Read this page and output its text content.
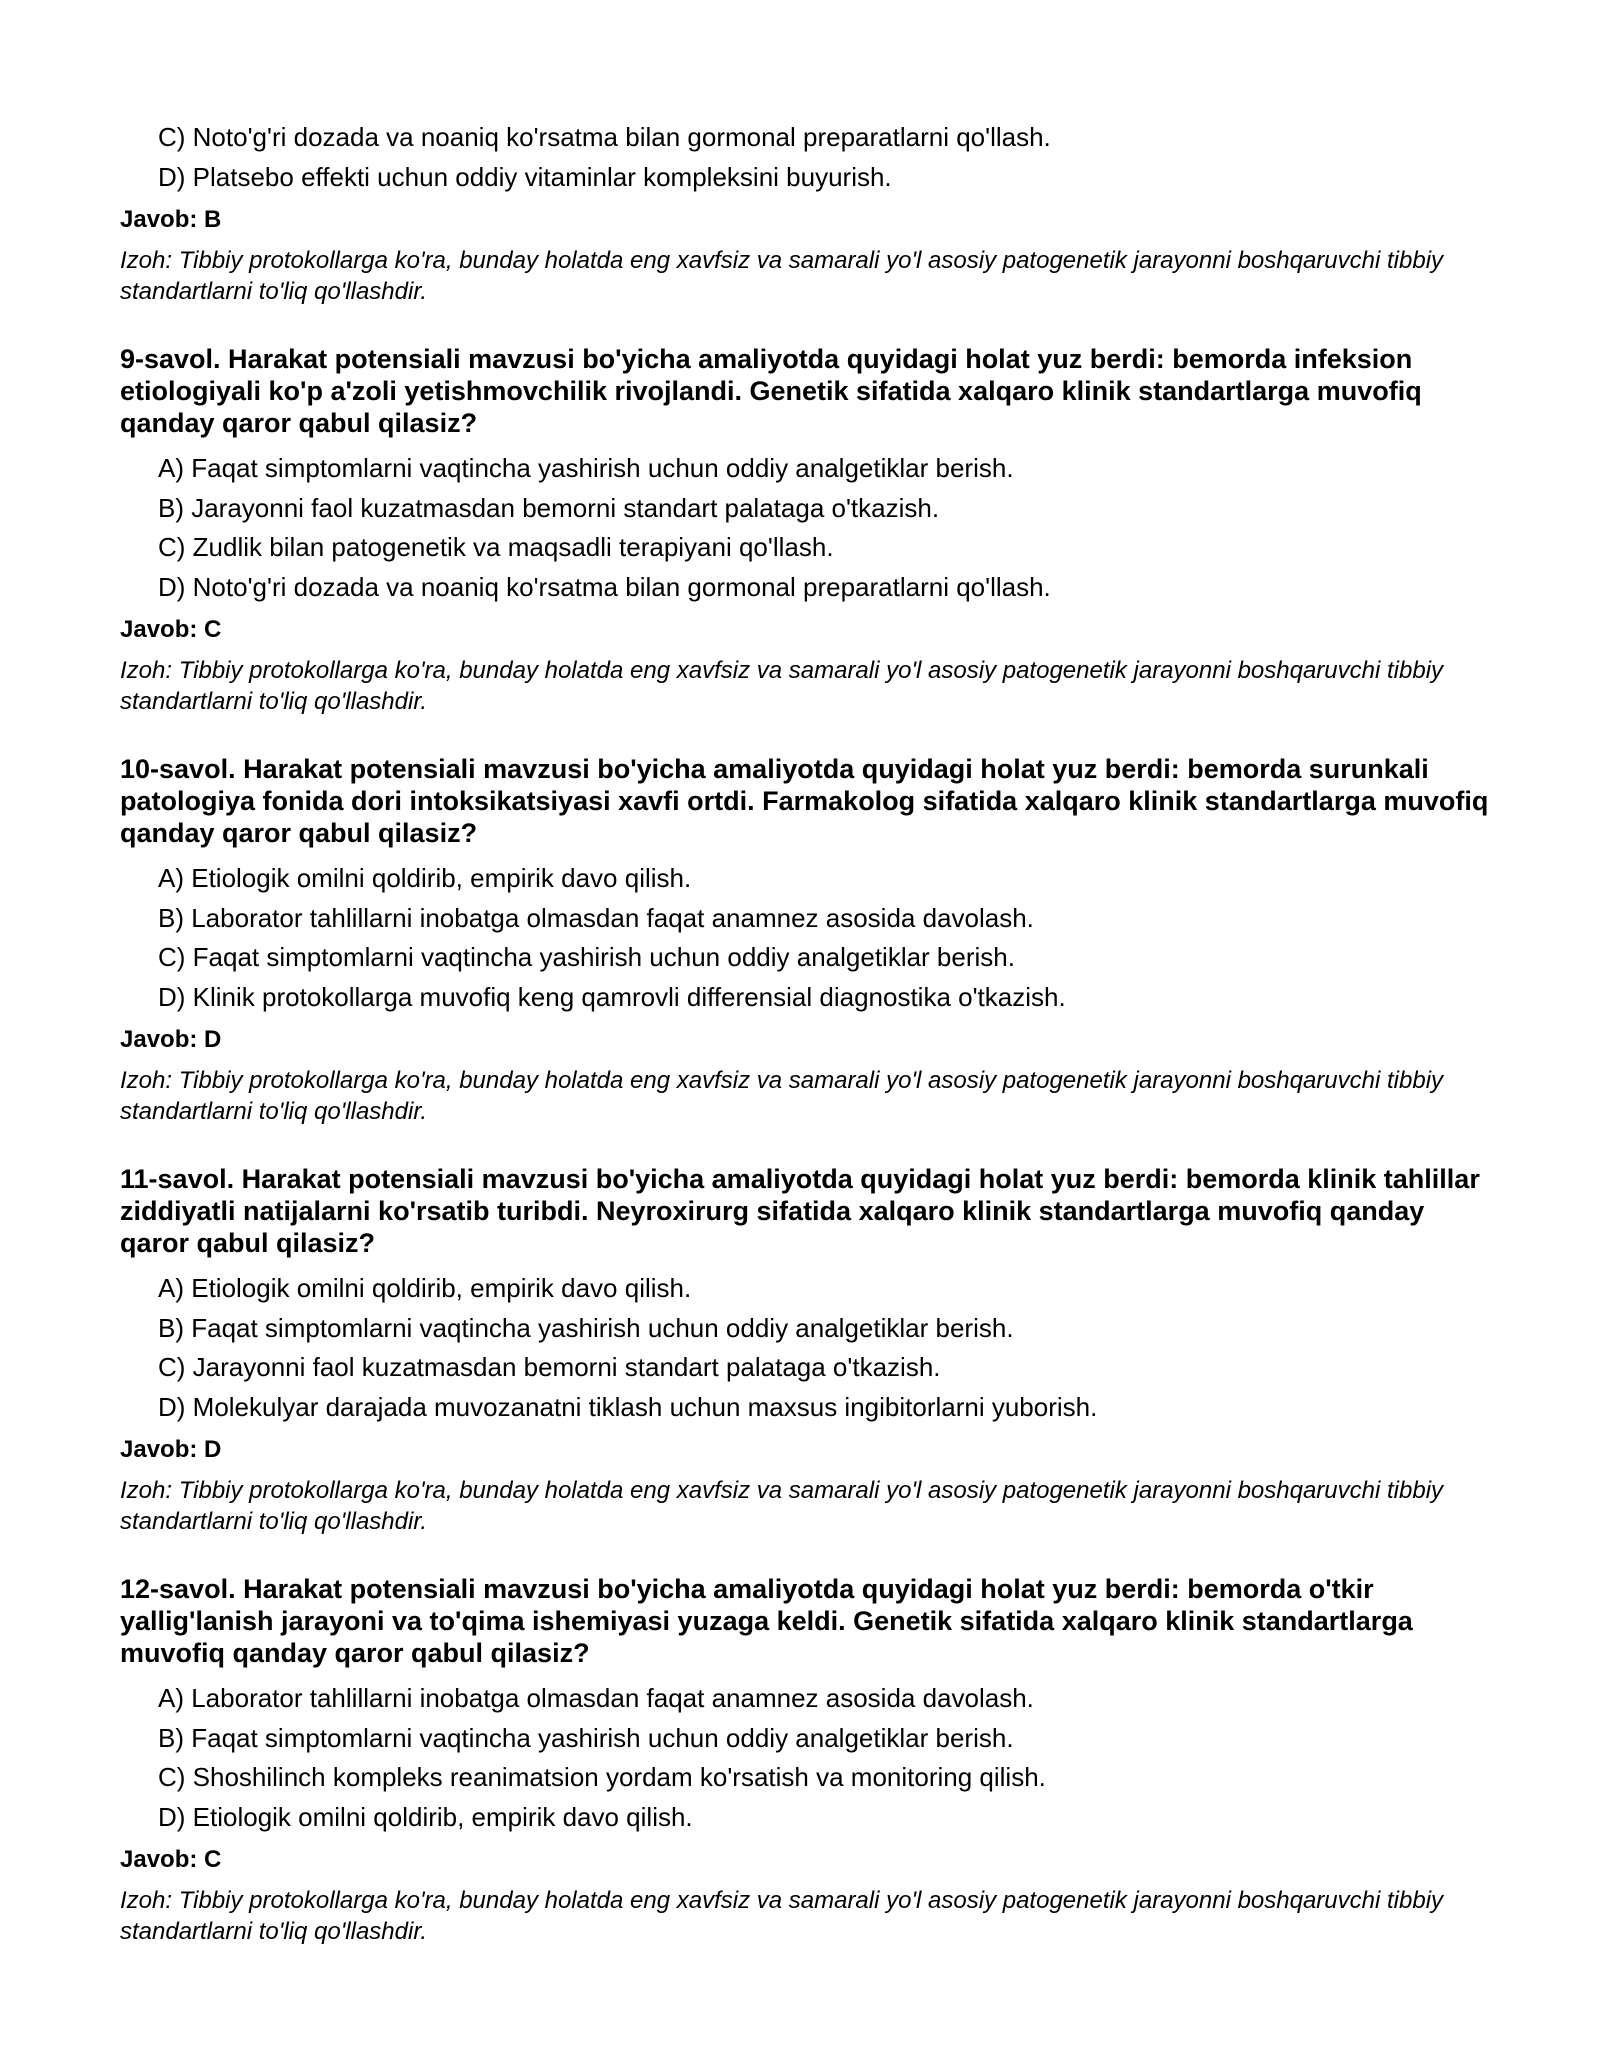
C) Noto'g'ri dozada va noaniq ko'rsatma bilan gormonal preparatlarni qo'llash.
D) Platsebo effekti uchun oddiy vitaminlar kompleksini buyurish.
Javob: B
Izoh: Tibbiy protokollarga ko'ra, bunday holatda eng xavfsiz va samarali yo'l asosiy patogenetik jarayonni boshqaruvchi tibbiy standartlarni to'liq qo'llashdir.
9-savol. Harakat potensiali mavzusi bo'yicha amaliyotda quyidagi holat yuz berdi: bemorda infeksion etiologiyali ko'p a'zoli yetishmovchilik rivojlandi. Genetik sifatida xalqaro klinik standartlarga muvofiq qanday qaror qabul qilasiz?
A) Faqat simptomlarni vaqtincha yashirish uchun oddiy analgetiklar berish.
B) Jarayonni faol kuzatmasdan bemorni standart palataga o'tkazish.
C) Zudlik bilan patogenetik va maqsadli terapiyani qo'llash.
D) Noto'g'ri dozada va noaniq ko'rsatma bilan gormonal preparatlarni qo'llash.
Javob: C
Izoh: Tibbiy protokollarga ko'ra, bunday holatda eng xavfsiz va samarali yo'l asosiy patogenetik jarayonni boshqaruvchi tibbiy standartlarni to'liq qo'llashdir.
10-savol. Harakat potensiali mavzusi bo'yicha amaliyotda quyidagi holat yuz berdi: bemorda surunkali patologiya fonida dori intoksikatsiyasi xavfi ortdi. Farmakolog sifatida xalqaro klinik standartlarga muvofiq qanday qaror qabul qilasiz?
A) Etiologik omilni qoldirib, empirik davo qilish.
B) Laborator tahlillarni inobatga olmasdan faqat anamnez asosida davolash.
C) Faqat simptomlarni vaqtincha yashirish uchun oddiy analgetiklar berish.
D) Klinik protokollarga muvofiq keng qamrovli differensial diagnostika o'tkazish.
Javob: D
Izoh: Tibbiy protokollarga ko'ra, bunday holatda eng xavfsiz va samarali yo'l asosiy patogenetik jarayonni boshqaruvchi tibbiy standartlarni to'liq qo'llashdir.
11-savol. Harakat potensiali mavzusi bo'yicha amaliyotda quyidagi holat yuz berdi: bemorda klinik tahlillar ziddiyatli natijalarni ko'rsatib turibdi. Neyroxirurg sifatida xalqaro klinik standartlarga muvofiq qanday qaror qabul qilasiz?
A) Etiologik omilni qoldirib, empirik davo qilish.
B) Faqat simptomlarni vaqtincha yashirish uchun oddiy analgetiklar berish.
C) Jarayonni faol kuzatmasdan bemorni standart palataga o'tkazish.
D) Molekulyar darajada muvozanatni tiklash uchun maxsus ingibitorlarni yuborish.
Javob: D
Izoh: Tibbiy protokollarga ko'ra, bunday holatda eng xavfsiz va samarali yo'l asosiy patogenetik jarayonni boshqaruvchi tibbiy standartlarni to'liq qo'llashdir.
12-savol. Harakat potensiali mavzusi bo'yicha amaliyotda quyidagi holat yuz berdi: bemorda o'tkir yallig'lanish jarayoni va to'qima ishemiyasi yuzaga keldi. Genetik sifatida xalqaro klinik standartlarga muvofiq qanday qaror qabul qilasiz?
A) Laborator tahlillarni inobatga olmasdan faqat anamnez asosida davolash.
B) Faqat simptomlarni vaqtincha yashirish uchun oddiy analgetiklar berish.
C) Shoshilinch kompleks reanimatsion yordam ko'rsatish va monitoring qilish.
D) Etiologik omilni qoldirib, empirik davo qilish.
Javob: C
Izoh: Tibbiy protokollarga ko'ra, bunday holatda eng xavfsiz va samarali yo'l asosiy patogenetik jarayonni boshqaruvchi tibbiy standartlarni to'liq qo'llashdir.
